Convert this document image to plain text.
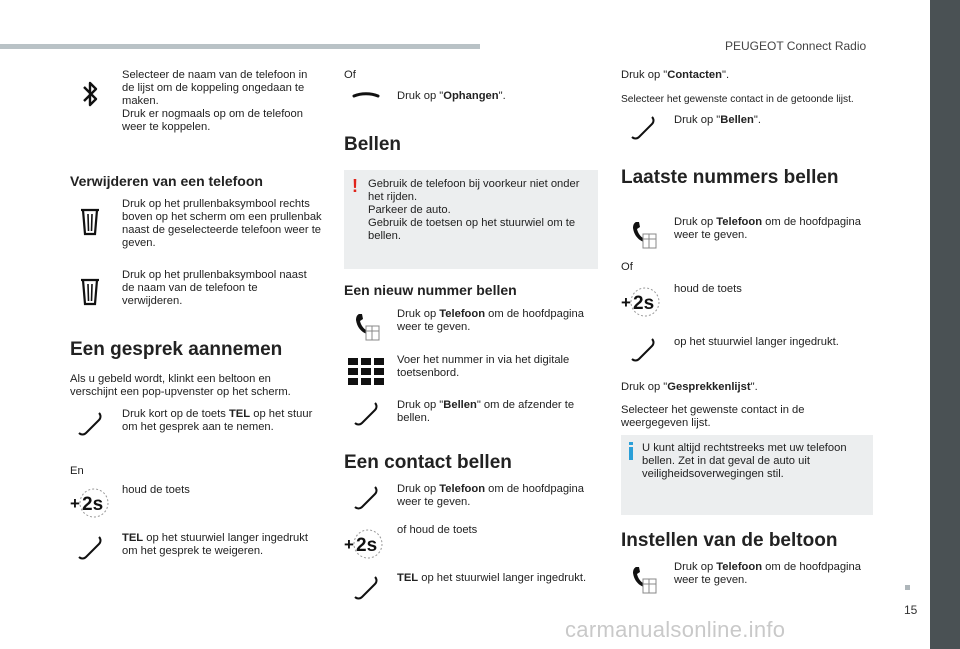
PEUGEOT Connect Radio
15
carmanualsonline.info
Selecteer de naam van de telefoon in de lijst om de koppeling ongedaan te maken.
Druk er nogmaals op om de telefoon weer te koppelen.
Verwijderen van een telefoon
Druk op het prullenbaksymbool rechts boven op het scherm om een prullenbak naast de geselecteerde telefoon weer te geven.
Druk op het prullenbaksymbool naast de naam van de telefoon te verwijderen.
Een gesprek aannemen
Als u gebeld wordt, klinkt een beltoon en verschijnt een pop-upvenster op het scherm.
Druk kort op de toets TEL op het stuur om het gesprek aan te nemen.
En
+ 2s
houd de toets
TEL op het stuurwiel langer ingedrukt om het gesprek te weigeren.
Of
Druk op "Ophangen".
Bellen
! Gebruik de telefoon bij voorkeur niet onder het rijden.
Parkeer de auto.
Gebruik de toetsen op het stuurwiel om te bellen.
Een nieuw nummer bellen
Druk op Telefoon om de hoofdpagina weer te geven.
Voer het nummer in via het digitale toetsenbord.
Druk op "Bellen" om de afzender te bellen.
Een contact bellen
Druk op Telefoon om de hoofdpagina weer te geven.
+ 2s
of houd de toets
TEL op het stuurwiel langer ingedrukt.
Druk op "Contacten".
Selecteer het gewenste contact in de getoonde lijst.
Druk op "Bellen".
Laatste nummers bellen
Druk op Telefoon om de hoofdpagina weer te geven.
Of
+ 2s
houd de toets
op het stuurwiel langer ingedrukt.
Druk op "Gesprekkenlijst".
Selecteer het gewenste contact in de weergegeven lijst.
U kunt altijd rechtstreeks met uw telefoon bellen. Zet in dat geval de auto uit veiligheidsoverwegingen stil.
Instellen van de beltoon
Druk op Telefoon om de hoofdpagina weer te geven.
